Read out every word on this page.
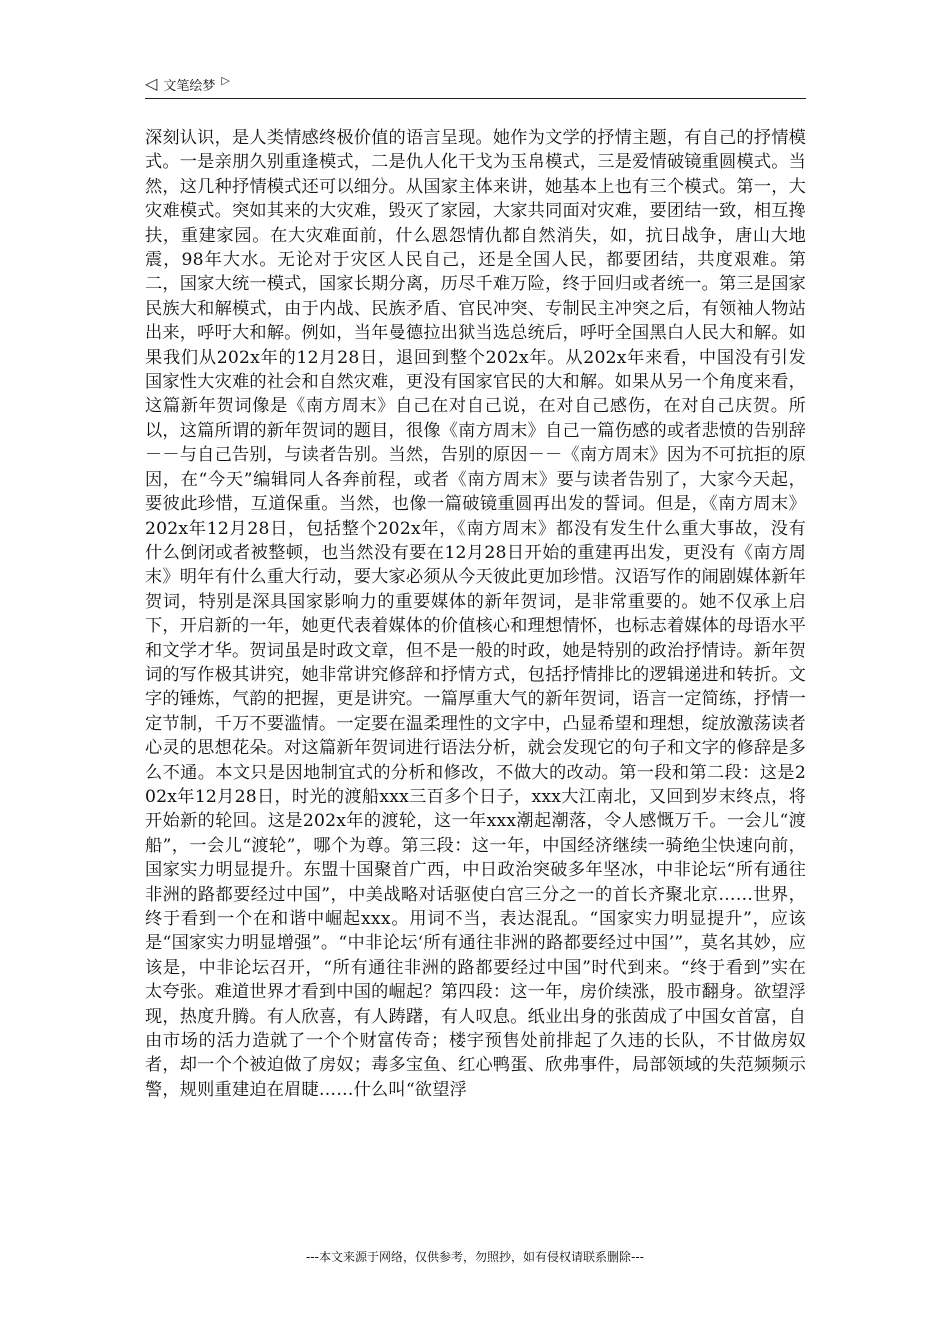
◁ 文笔绘梦 ▷
深刻认识，是人类情感终极价值的语言呈现。她作为文学的抒情主题，有自己的抒情模式。一是亲朋久别重逢模式，二是仇人化干戈为玉帛模式，三是爱情破镜重圆模式。当然，这几种抒情模式还可以细分。从国家主体来讲，她基本上也有三个模式。第一，大灾难模式。突如其来的大灾难，毁灭了家园，大家共同面对灾难，要团结一致，相互搀扶，重建家园。在大灾难面前，什么恩怨情仇都自然消失，如，抗日战争，唐山大地震，98年大水。无论对于灾区人民自己，还是全国人民，都要团结，共度艰难。第二，国家大统一模式，国家长期分离，历尽千难万险，终于回归或者统一。第三是国家民族大和解模式，由于内战、民族矛盾、官民冲突、专制民主冲突之后，有领袖人物站出来，呼吁大和解。例如，当年曼德拉出狱当选总统后，呼吁全国黑白人民大和解。如果我们从202x年的12月28日，退回到整个202x年。从202x年来看，中国没有引发国家性大灾难的社会和自然灾难，更没有国家官民的大和解。如果从另一个角度来看，这篇新年贺词像是《南方周末》自己在对自己说，在对自己感伤，在对自己庆贺。所以，这篇所谓的新年贺词的题目，很像《南方周末》自己一篇伤感的或者悲愤的告别辞－－与自己告别，与读者告别。当然，告别的原因－－《南方周末》因为不可抗拒的原因，在“今天”编辑同人各奔前程，或者《南方周末》要与读者告别了，大家今天起，要彼此珍惜，互道保重。当然，也像一篇破镜重圆再出发的誓词。但是，《南方周末》202x年12月28日，包括整个202x年，《南方周末》都没有发生什么重大事故，没有什么倒闭或者被整顿，也当然没有要在12月28日开始的重建再出发，更没有《南方周末》明年有什么重大行动，要大家必须从今天彼此更加珍惜。汉语写作的闹剧媒体新年贺词，特别是深具国家影响力的重要媒体的新年贺词，是非常重要的。她不仅承上启下，开启新的一年，她更代表着媒体的价值核心和理想情怀，也标志着媒体的母语水平和文学才华。贺词虽是时政文章，但不是一般的时政，她是特别的政治抒情诗。新年贺词的写作极其讲究，她非常讲究修辞和抒情方式，包括抒情排比的逻辑递进和转折。文字的锤炼，气韵的把握，更是讲究。一篇厚重大气的新年贺词，语言一定简练，抒情一定节制，千万不要滥情。一定要在温柔理性的文字中，凸显希望和理想，绽放激荡读者心灵的思想花朵。对这篇新年贺词进行语法分析，就会发现它的句子和文字的修辞是多么不通。本文只是因地制宜式的分析和修改，不做大的改动。第一段和第二段：这是202x年12月28日，时光的渡船xxx三百多个日子，xxx大江南北，又回到岁末终点，将开始新的轮回。这是202x年的渡轮，这一年xxx潮起潮落，令人感慨万千。一会儿“渡船”，一会儿“渡轮”，哪个为尊。第三段：这一年，中国经济继续一骑绝尘快速向前，国家实力明显提升。东盟十国聚首广西，中日政治突破多年坚冰，中非论坛“所有通往非洲的路都要经过中国”，中美战略对话驱使白宫三分之一的首长齐聚北京……世界，终于看到一个在和谐中崛起xxx。用词不当，表达混乱。“国家实力明显提升”，应该是“国家实力明显增强”。“中非论坛‘所有通往非洲的路都要经过中国’”，莫名其妙，应该是，中非论坛召开，“所有通往非洲的路都要经过中国”时代到来。“终于看到”实在太夸张。难道世界才看到中国的崛起？第四段：这一年，房价续涨，股市翻身。欲望浮现，热度升腾。有人欣喜，有人踌躇，有人叹息。纸业出身的张茵成了中国女首富，自由市场的活力造就了一个个财富传奇；楼宇预售处前排起了久违的长队，不甘做房奴者，却一个个被迫做了房奴；毒多宝鱼、红心鸭蛋、欣弗事件，局部领域的失范频频示警，规则重建迫在眉睫……什么叫“欲望浮
---本文来源于网络，仅供参考，勿照抄，如有侵权请联系删除---
